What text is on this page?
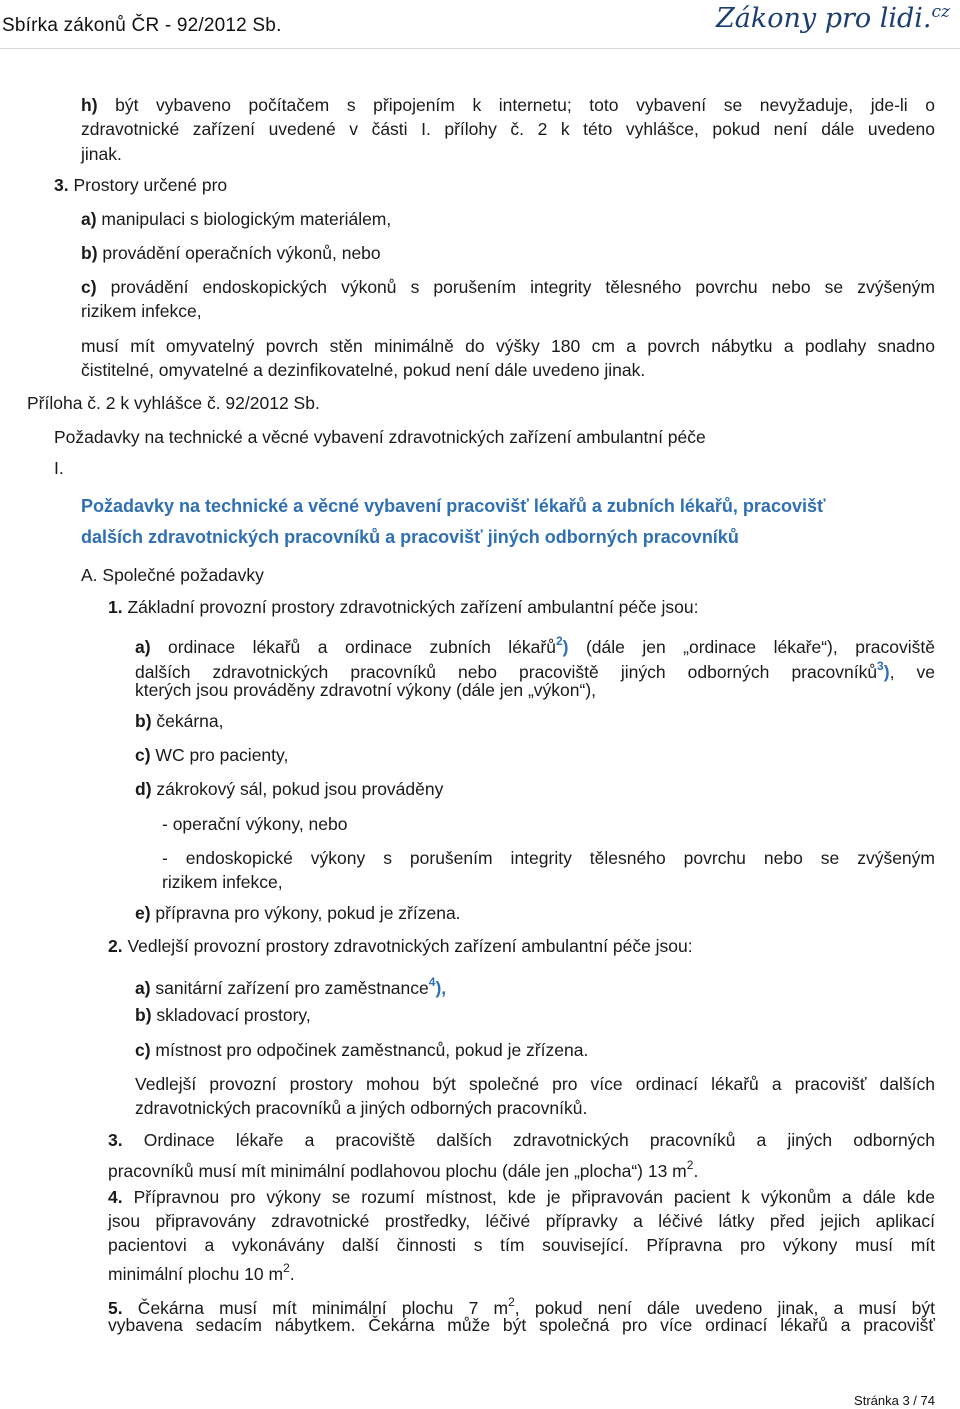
Sbírka zákonů ČR - 92/2012 Sb.	Zákony pro lidi.$^{cz}$
h) být vybaveno počítačem s připojením k internetu; toto vybavení se nevyžaduje, jde-li o
zdravotnické zařízení uvedené v části I. přílohy č. 2 k této vyhlášce, pokud není dále uvedeno
jinak.
3. Prostory určené pro
a) manipulaci s biologickým materiálem,
b) provádění operačních výkonů, nebo
c) provádění endoskopických výkonů s porušením integrity tělesného povrchu nebo se zvýšeným
rizikem infekce,
musí mít omyvatelný povrch stěn minimálně do výšky 180 cm a povrch nábytku a podlahy snadno
čistitelné, omyvatelné a dezinfikovatelné, pokud není dále uvedeno jinak.
Příloha č. 2 k vyhlášce č. 92/2012 Sb.
Požadavky na technické a věcné vybavení zdravotnických zařízení ambulantní péče
I.
Požadavky na technické a věcné vybavení pracovišť lékařů a zubních lékařů, pracovišť
dalších zdravotnických pracovníků a pracovišť jiných odborných pracovníků
A. Společné požadavky
1. Základní provozní prostory zdravotnických zařízení ambulantní péče jsou:
a) ordinace lékařů a ordinace zubních lékařů$^2$) (dále jen „ordinace lékaře“), pracoviště
dalších zdravotnických pracovníků nebo pracoviště jiných odborných pracovníků$^3$), ve
kterých jsou prováděny zdravotní výkony (dále jen „výkon“),
b) čekárna,
c) WC pro pacienty,
d) zákrokový sál, pokud jsou prováděny
- operační výkony, nebo
- endoskopické výkony s porušením integrity tělesného povrchu nebo se zvýšeným
rizikem infekce,
e) přípravna pro výkony, pokud je zřízena.
2. Vedlejší provozní prostory zdravotnických zařízení ambulantní péče jsou:
a) sanitární zařízení pro zaměstnance$^4$),
b) skladovací prostory,
c) místnost pro odpočinek zaměstnanců, pokud je zřízena.
Vedlejší provozní prostory mohou být společné pro více ordinací lékařů a pracovišť dalších
zdravotnických pracovníků a jiných odborných pracovníků.
3. Ordinace lékaře a pracoviště dalších zdravotnických pracovníků a jiných odborných
pracovníků musí mít minimální podlahovou plochu (dále jen „plocha“) 13 $m^2$.
4. Přípravnou pro výkony se rozumí místnost, kde je připravován pacient k výkonům a dále kde
jsou připravovány zdravotnické prostředky, léčivé přípravky a léčivé látky před jejich aplikací
pacientovi a vykonávány další činnosti s tím související. Přípravna pro výkony musí mít
minimální plochu 10 $m^2$.
5. Čekárna musí mít minimální plochu 7 $m^2$, pokud není dále uvedeno jinak, a musí být
vybavena sedacím nábytkem. Čekárna může být společná pro více ordinací lékařů a pracovišť
Stránka 3 / 74
